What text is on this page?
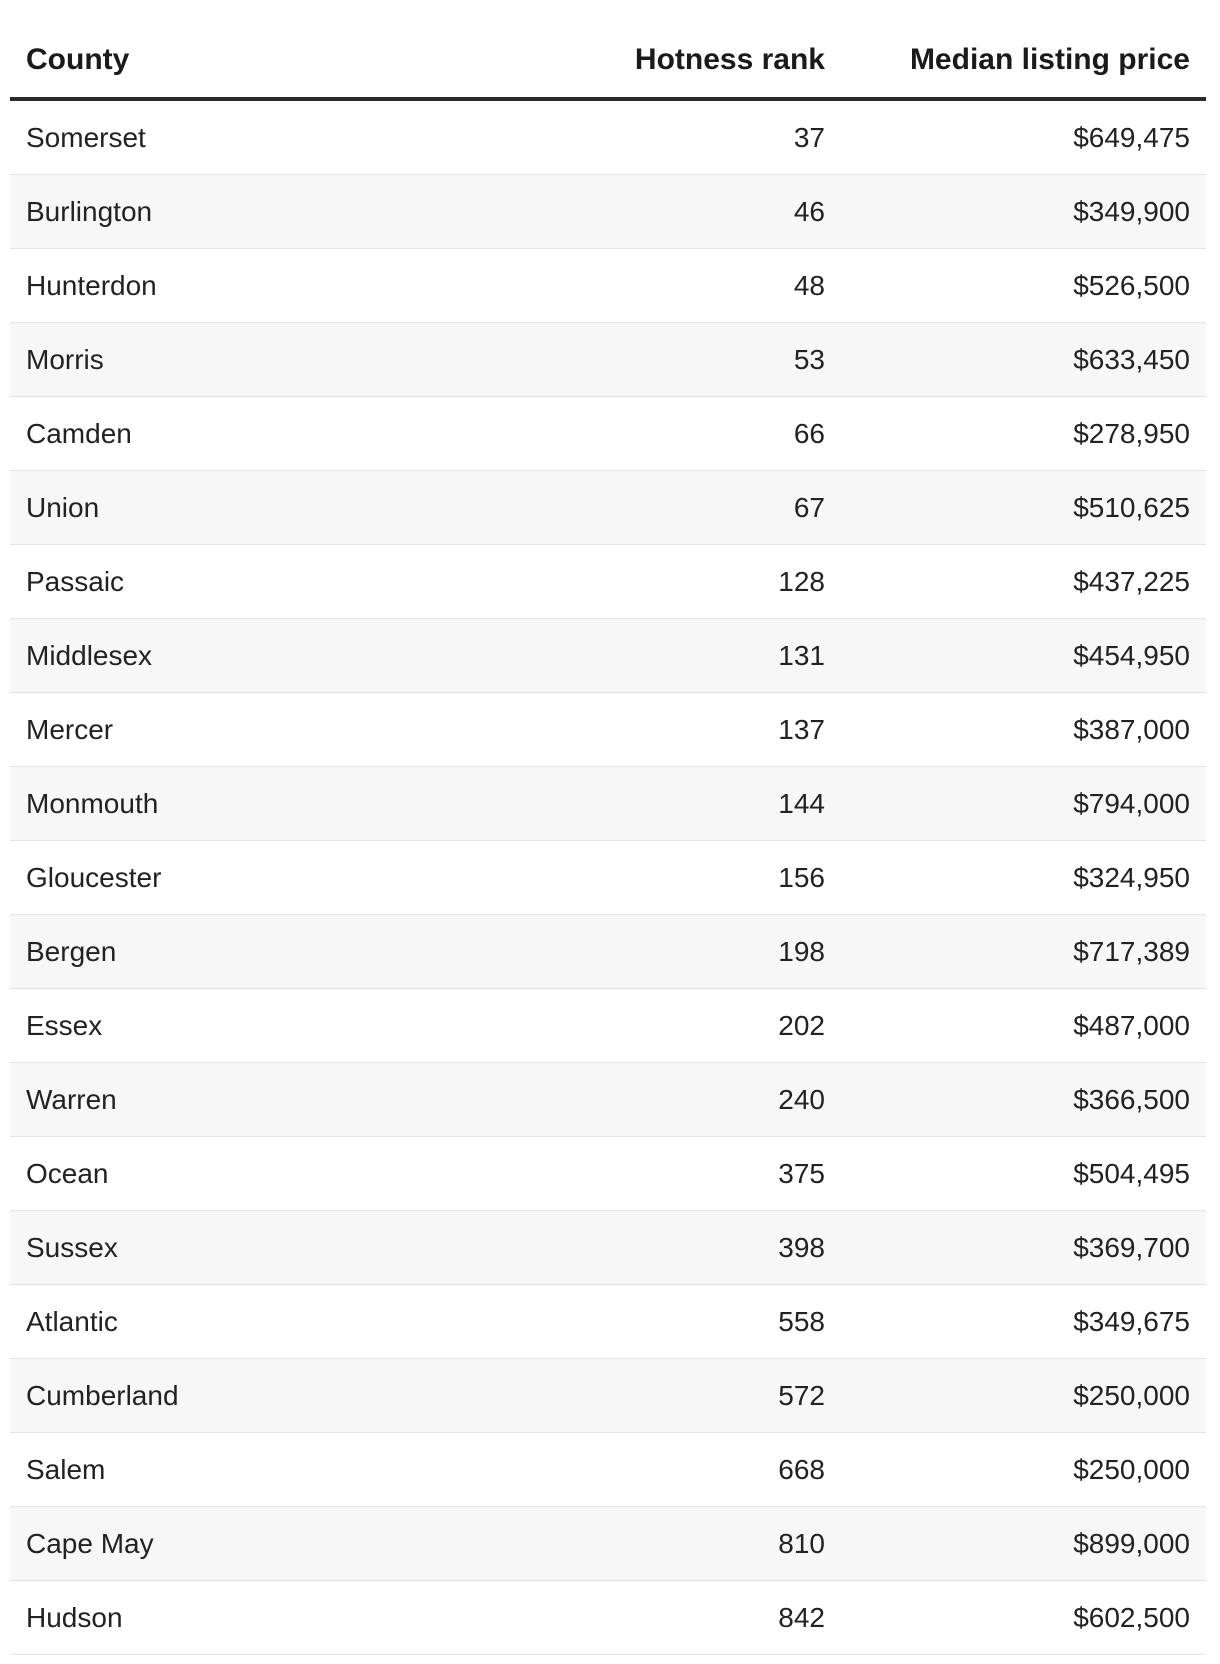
County	Hotness rank	Median listing price
Somerset	37	$649,475
Burlington	46	$349,900
Hunterdon	48	$526,500
Morris	53	$633,450
Camden	66	$278,950
Union	67	$510,625
Passaic	128	$437,225
Middlesex	131	$454,950
Mercer	137	$387,000
Monmouth	144	$794,000
Gloucester	156	$324,950
Bergen	198	$717,389
Essex	202	$487,000
Warren	240	$366,500
Ocean	375	$504,495
Sussex	398	$369,700
Atlantic	558	$349,675
Cumberland	572	$250,000
Salem	668	$250,000
Cape May	810	$899,000
Hudson	842	$602,500
